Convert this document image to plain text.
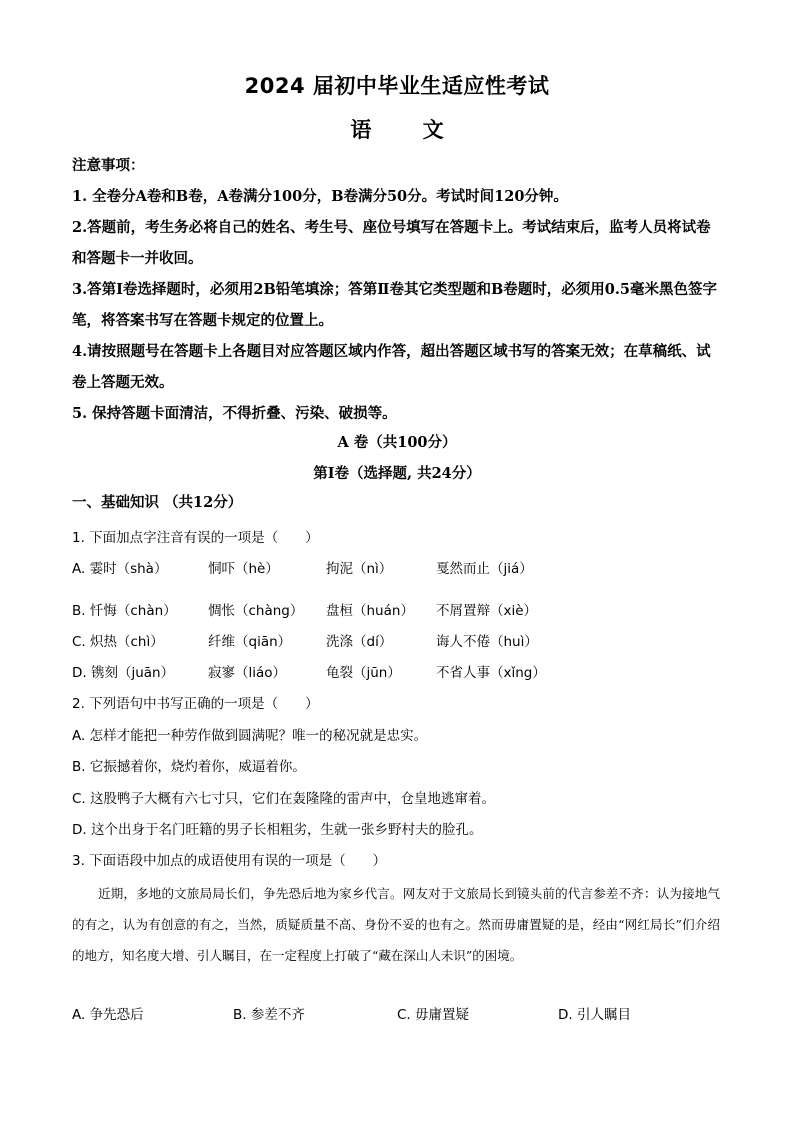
2024 届初中毕业生适应性考试
语 文

注意事项：

1. 全卷分A卷和B卷，A卷满分100分，B卷满分50分。考试时间120分钟。

2.答题前，考生务必将自己的姓名、考生号、座位号填写在答题卡上。考试结束后，监考人员将试卷和答题卡一并收回。

3.答第Ⅰ卷选择题时，必须用2B铅笔填涂；答第Ⅱ卷其它类型题和B卷题时，必须用0.5毫米黑色签字笔，将答案书写在答题卡规定的位置上。

4.请按照题号在答题卡上各题目对应答题区域内作答，超出答题区域书写的答案无效；在草稿纸、试卷上答题无效。

5. 保持答题卡面清洁，不得折叠、污染、破损等。

A 卷（共100分）
第Ⅰ卷（选择题, 共24分）
一、基础知识 （共12分）
1. 下面加点字注音有误的一项是（　　）
A. 霎时（shà）	恫吓（hè）	拘泥（nì）	戛然而止（jiá）
B. 忏悔（chàn） 惆怅（chàng） 盘桓（huán） 不屑置辩（xiè）
C. 炽热（chì）	纤维（qiān）	洗涤（dí）	诲人不倦（huì）
D. 镌刻（juān）	寂寥（liáo）	龟裂（jūn）	不省人事（xǐng）
2. 下列语句中书写正确的一项是（　　）
A. 怎样才能把一种劳作做到圆满呢？唯一的秘况就是忠实。
B. 它振撼着你，烧灼着你，威逼着你。
C. 这股鸭子大概有六七寸只，它们在轰隆隆的雷声中，仓皇地逃窜着。
D. 这个出身于名门旺籍的男子长相粗劣，生就一张乡野村夫的脸孔。
3. 下面语段中加点的成语使用有误的一项是（　　）

近期，多地的文旅局局长们，争先恐后地为家乡代言。网友对于文旅局长到镜头前的代言参差不齐：认为接地气的有之，认为有创意的有之，当然，质疑质量不高、身份不妥的也有之。然而毋庸置疑的是，经由“网红局长”们介绍的地方，知名度大增、引人瞩目，在一定程度上打破了“藏在深山人未识”的困境。

A. 争先恐后	B. 参差不齐	C. 毋庸置疑	D. 引人瞩目
